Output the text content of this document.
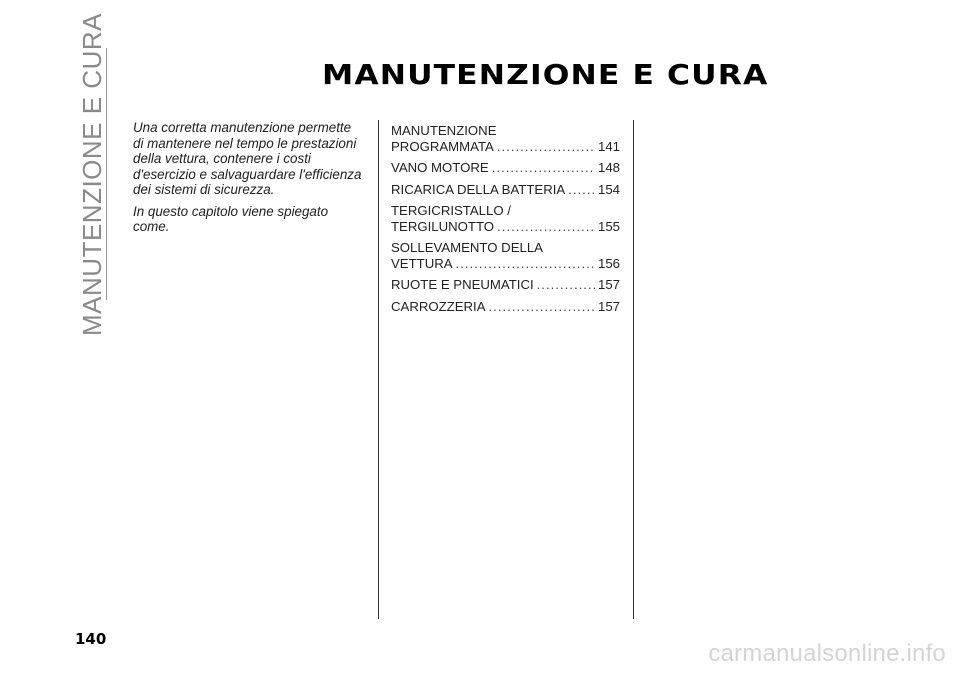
MANUTENZIONE E CURA	MANUTENZIONE E CURA

Una corretta manutenzione permette di mantenere nel tempo le prestazioni della vettura, contenere i costi d'esercizio e salvaguardare l'efficienza dei sistemi di sicurezza.

In questo capitolo viene spiegato come.

MANUTENZIONE
PROGRAMMATA .....	141
VANO MOTORE .....	148
RICARICA DELLA BATTERIA ..... 154
TERGICRISTALLO /
TERGILUNOTTO .....	155
SOLLEVAMENTO DELLA
VETTURA .....	156
RUOTE E PNEUMATICI .....	157
CARROZZERIA .....	157
140
carmanualsonline.info
